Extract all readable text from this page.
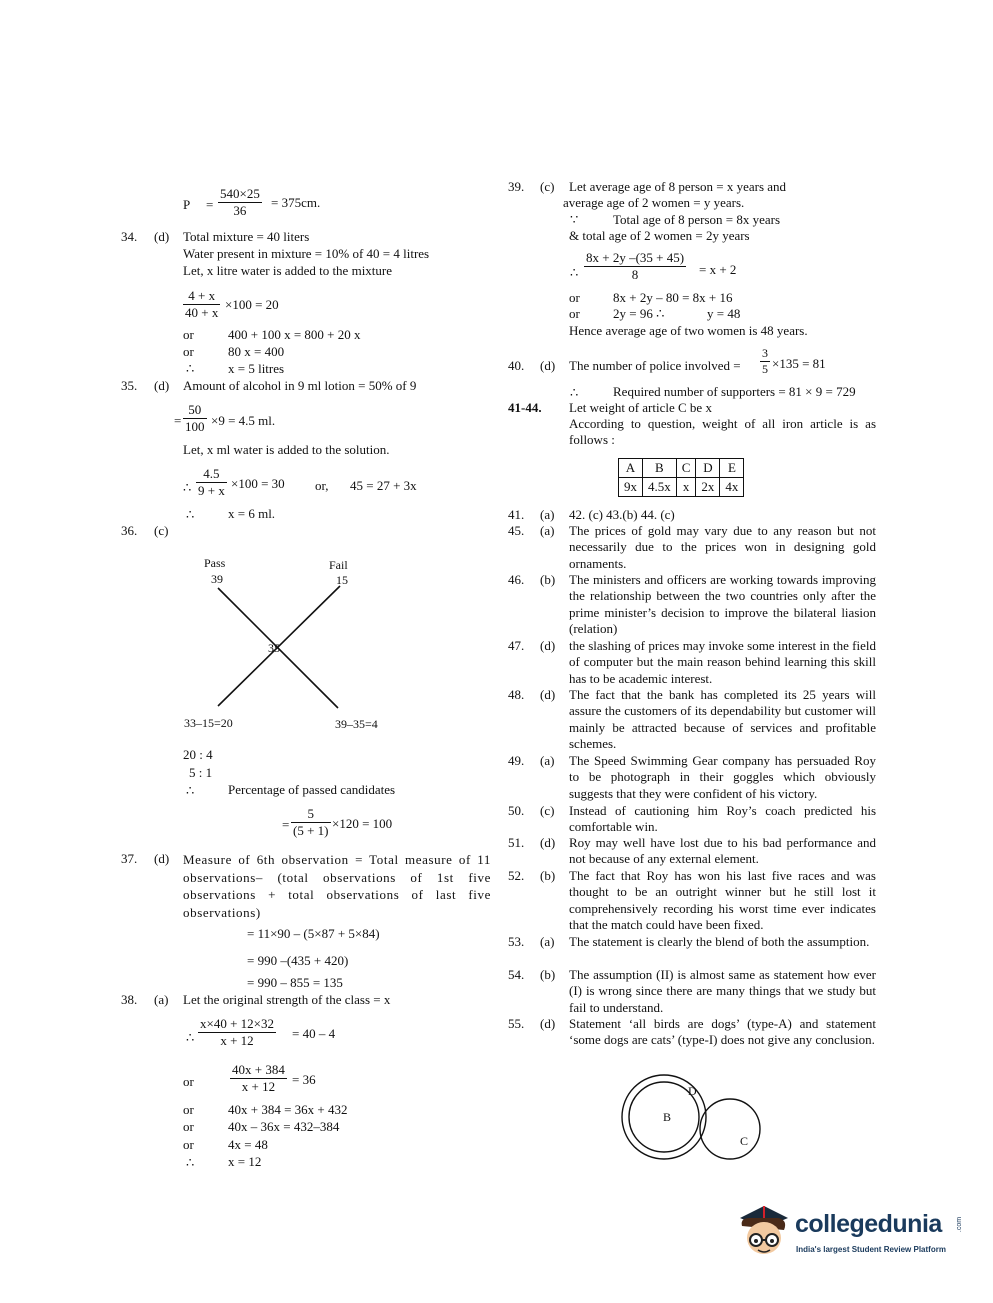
$P = \frac{540\times 25}{36} = 375cm$.
34. (d) Total mixture = 40 liters
Water present in mixture = 10% of 40 = 4 litres
Let, x litre water is added to the mixture
$\frac{4 + x}{40 + x} \times 100 = 20$
or	400 + 100 x = 800 + 20 x
or	80 x = 400
∴	x = 5 litres
35. (d) Amount of alcohol in 9 ml lotion = 50% of 9
= $\frac{50}{100} \times 9 = 4.5$ ml.
Let, x ml water is added to the solution.
∴ $\frac{4.5}{9 + x} \times 100 = 30$ or, 45 = 27 + 3x
∴	x = 6 ml.
36. (c)
Pass
39
Fail
15
35
33–15=20	39–35=4
20 : 4
5 : 1
∴	Percentage of passed candidates
= $\frac{5}{(5 + 1)} \times 120 = 100$
37. (d) Measure of 6th observation = Total measure of 11 observations– (total observations of 1st five observations + total observations of last five observations)
= 11×90 – (5×87 + 5×84)
= 990 –(435 + 420)
= 990 – 855 = 135
38. (a) Let the original strength of the class = x
∴ $\frac{x\times 40 + 12\times 32}{x + 12} = 40 - 4$
or	$\frac{40x + 384}{x + 12} = 36$
or	40x + 384 = 36x + 432
or	40x – 36x = 432–384
or	4x = 48
∴	x = 12
39. (c) Let average age of 8 person = x years and
average age of 2 women = y years.
∵	Total age of 8 person = 8x years
& total age of 2 women = 2y years
∴ $\frac{8x + 2y -(35 + 45)}{8} = x + 2$
or	8x + 2y – 80 = 8x + 16
or	2y = 96 ∴	y = 48
Hence average age of two women is 48 years.
40. (d) The number of police involved = $\frac{3}{5} \times 135 = 81$
∴	Required number of supporters = 81 × 9 = 729
41-44. Let weight of article C be x
According to question, weight of all iron article is as follows :
A	B	C	D	E
9x	4.5x	x	2x	4x
41. (a) 42. (c) 43.(b) 44. (c)
45. (a) The prices of gold may vary due to any reason but not necessarily due to the prices won in designing gold ornaments.
46. (b) The ministers and officers are working towards improving the relationship between the two countries only after the prime minister’s decision to improve the bilateral liasion (relation)
47. (d) the slashing of prices may invoke some interest in the field of computer but the main reason behind learning this skill has to be academic interest.
48. (d) The fact that the bank has completed its 25 years will assure the customers of its dependability but customer will mainly be attracted because of services and profitable schemes.
49. (a) The Speed Swimming Gear company has persuaded Roy to be photograph in their goggles which obviously suggests that they were confident of his victory.
50. (c) Instead of cautioning him Roy’s coach predicted his comfortable win.
51. (d) Roy may well have lost due to his bad performance and not because of any external element.
52. (b) The fact that Roy has won his last five races and was thought to be an outright winner but he still lost it comprehensively recording his worst time ever indicates that the match could have been fixed.
53. (a) The statement is clearly the blend of both the assumption.
54. (b) The assumption (II) is almost same as statement how ever (I) is wrong since there are many things that we study but fail to understand.
55. (d) Statement ‘all birds are dogs’ (type-A) and statement ‘some dogs are cats’ (type-I) does not give any conclusion.
B
D
C
collegedunia .com
India's largest Student Review Platform
